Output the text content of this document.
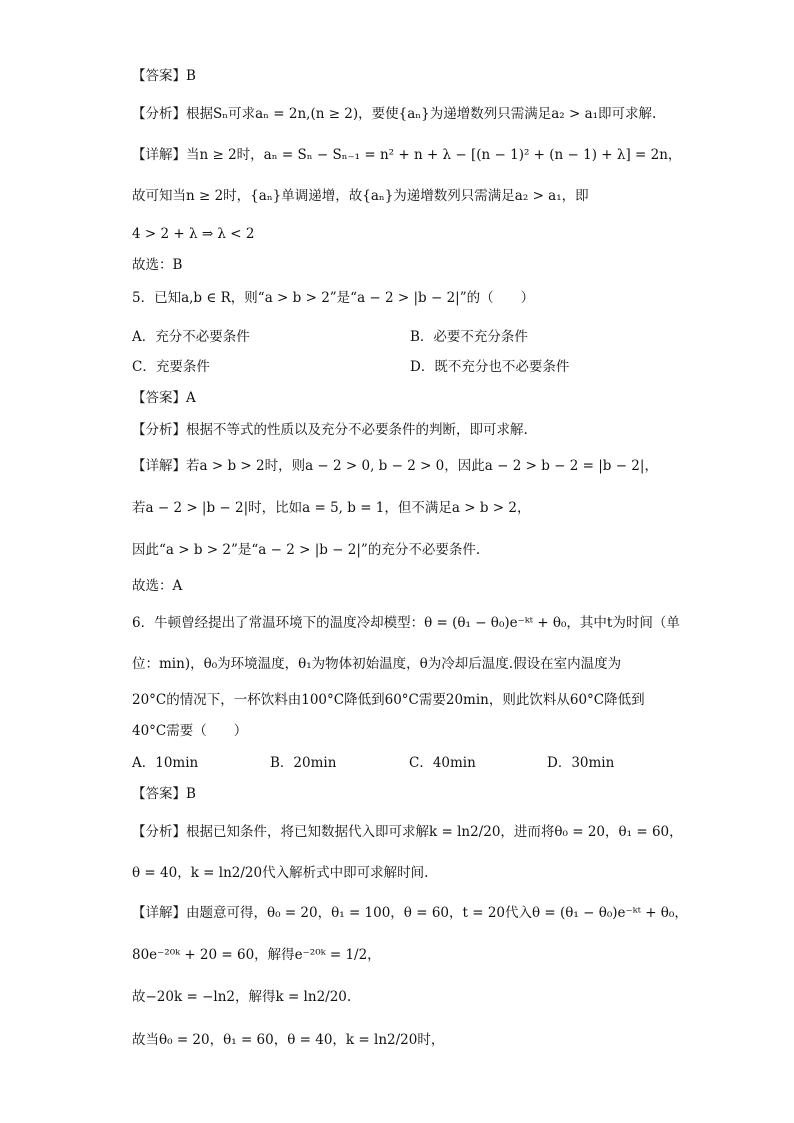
【答案】B
【分析】根据Sₙ可求aₙ = 2n,(n ≥ 2)，要使{aₙ}为递增数列只需满足a₂ > a₁即可求解.
【详解】当n ≥ 2时，aₙ = Sₙ − Sₙ₋₁ = n² + n + λ − [(n − 1)² + (n − 1) + λ] = 2n，
故可知当n ≥ 2时，{aₙ}单调递增，故{aₙ}为递增数列只需满足a₂ > a₁，即
4 > 2 + λ ⇒ λ < 2
故选：B
5．已知a,b ∈ R，则“a > b > 2”是“a − 2 > |b − 2|”的（　　）
A．充分不必要条件	B．必要不充分条件
C．充要条件	D．既不充分也不必要条件
【答案】A
【分析】根据不等式的性质以及充分不必要条件的判断，即可求解.
【详解】若a > b > 2时，则a − 2 > 0, b − 2 > 0，因此a − 2 > b − 2 = |b − 2|，
若a − 2 > |b − 2|时，比如a = 5, b = 1，但不满足a > b > 2，
因此“a > b > 2”是“a − 2 > |b − 2|”的充分不必要条件.
故选：A
6．牛顿曾经提出了常温环境下的温度冷却模型：θ = (θ₁ − θ₀)e⁻ᵏᵗ + θ₀，其中t为时间（单
位：min)，θ₀为环境温度，θ₁为物体初始温度，θ为冷却后温度.假设在室内温度为
20°C的情况下，一杯饮料由100°C降低到60°C需要20min，则此饮料从60°C降低到
40°C需要（　　）
A．10min	B．20min	C．40min	D．30min
【答案】B
【分析】根据已知条件，将已知数据代入即可求解k = ln2/20，进而将θ₀ = 20，θ₁ = 60，
θ = 40，k = ln2/20代入解析式中即可求解时间.
【详解】由题意可得，θ₀ = 20，θ₁ = 100，θ = 60，t = 20代入θ = (θ₁ − θ₀)e⁻ᵏᵗ + θ₀，
80e⁻²⁰ᵏ + 20 = 60，解得e⁻²⁰ᵏ = 1/2，
故−20k = −ln2，解得k = ln2/20.
故当θ₀ = 20，θ₁ = 60，θ = 40，k = ln2/20时，
